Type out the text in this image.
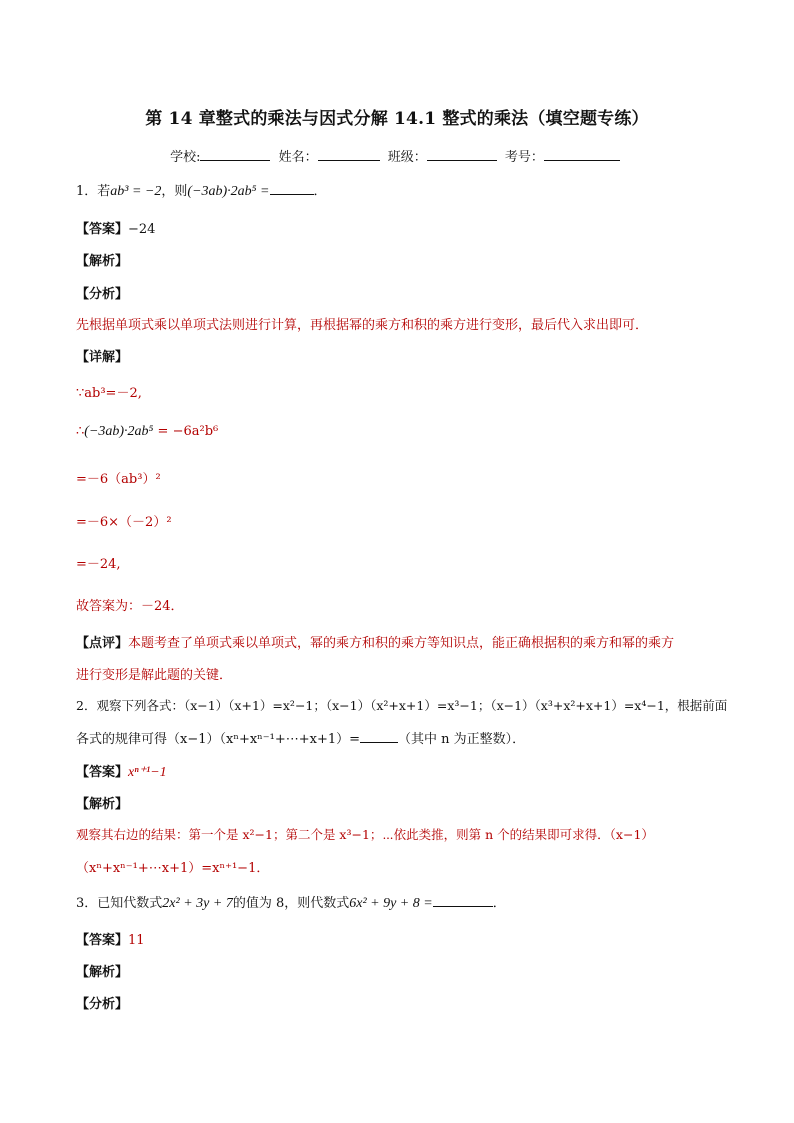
第 14 章整式的乘法与因式分解 14.1 整式的乘法（填空题专练）
学校:	姓名：	班级：	考号：
1．若ab³ = −2，则(−3ab)·2ab⁵ =	．
【答案】−24
【解析】
【分析】
先根据单项式乘以单项式法则进行计算，再根据幂的乘方和积的乘方进行变形，最后代入求出即可．
【详解】
∵ab³=－2,
∴(−3ab)·2ab⁵ = −6a²b⁶
=－6（ab³）²
=－6×（－2）²
=－24,
故答案为：－24．
【点评】本题考查了单项式乘以单项式，幂的乘方和积的乘方等知识点，能正确根据积的乘方和幂的乘方
进行变形是解此题的关键．
2．观察下列各式：（x−1）（x+1）=x²−1；（x−1）（x²+x+1）=x³−1；（x−1）（x³+x²+x+1）=x⁴−1，根据前面
各式的规律可得（x−1）（xⁿ+xⁿ⁻¹+⋯+x+1）=	（其中 n 为正整数）．
【答案】xⁿ⁺¹−1
【解析】
观察其右边的结果：第一个是 x²−1；第二个是 x³−1；⋯依此类推，则第 n 个的结果即可求得．（x−1）
（xⁿ+xⁿ⁻¹+⋯x+1）=xⁿ⁺¹−1．
3．已知代数式2x² + 3y + 7的值为 8，则代数式6x² + 9y + 8 =	．
【答案】11
【解析】
【分析】
